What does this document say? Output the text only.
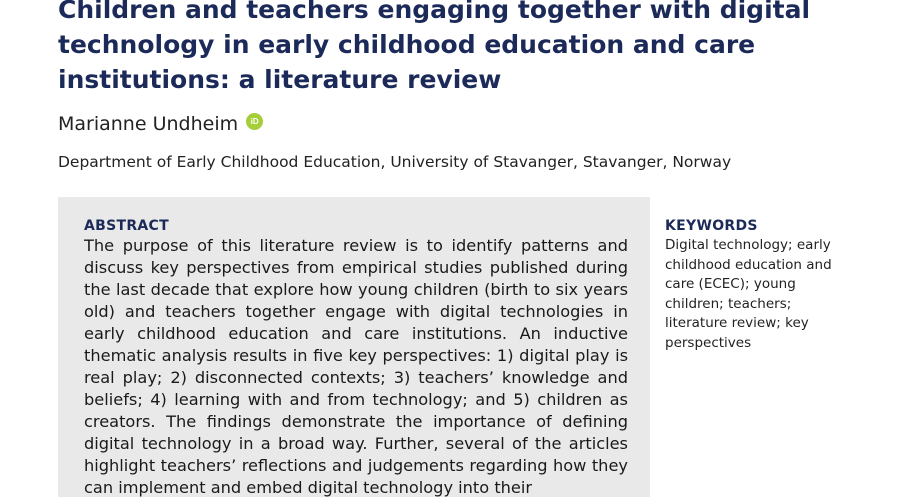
Children and teachers engaging together with digital technology in early childhood education and care institutions: a literature review
Marianne Undheim	iD
Department of Early Childhood Education, University of Stavanger, Stavanger, Norway
ABSTRACT

The purpose of this literature review is to identify patterns and discuss key perspectives from empirical studies published during the last decade that explore how young children (birth to six years old) and teachers together engage with digital technologies in early childhood education and care institutions. An inductive thematic analysis results in five key perspectives: 1) digital play is real play; 2) disconnected contexts; 3) teachers’ knowledge and beliefs; 4) learning with and from technology; and 5) children as creators. The findings demonstrate the importance of defining digital technology in a broad way. Further, several of the articles highlight teachers’ reflections and judgements regarding how they can implement and embed digital technology into their

KEYWORDS

Digital technology; early childhood education and care (ECEC); young children; teachers; literature review; key perspectives
